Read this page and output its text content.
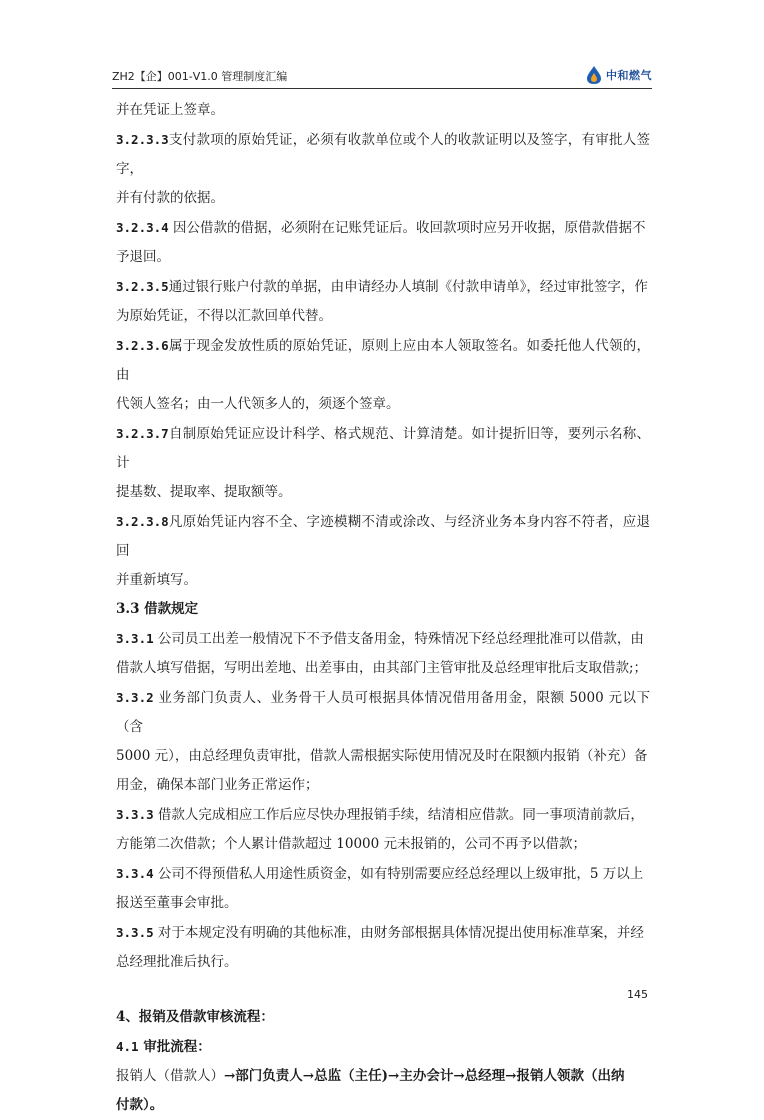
ZH2【企】001-V1.0 管理制度汇编	中和燃气

并在凭证上签章。

3.2.3.3支付款项的原始凭证，必须有收款单位或个人的收款证明以及签字，有审批人签字，

并有付款的依据。

3.2.3.4 因公借款的借据，必须附在记账凭证后。收回款项时应另开收据，原借款借据不

予退回。

3.2.3.5通过银行账户付款的单据，由申请经办人填制《付款申请单》，经过审批签字，作

为原始凭证，不得以汇款回单代替。

3.2.3.6属于现金发放性质的原始凭证，原则上应由本人领取签名。如委托他人代领的，由

代领人签名；由一人代领多人的，须逐个签章。

3.2.3.7自制原始凭证应设计科学、格式规范、计算清楚。如计提折旧等，要列示名称、计

提基数、提取率、提取额等。

3.2.3.8凡原始凭证内容不全、字迹模糊不清或涂改、与经济业务本身内容不符者，应退回

并重新填写。

3.3 借款规定

3.3.1 公司员工出差一般情况下不予借支备用金，特殊情况下经总经理批准可以借款，由

借款人填写借据，写明出差地、出差事由，由其部门主管审批及总经理审批后支取借款;；

3.3.2 业务部门负责人、业务骨干人员可根据具体情况借用备用金，限额 5000 元以下（含

5000 元），由总经理负责审批，借款人需根据实际使用情况及时在限额内报销（补充）备

用金，确保本部门业务正常运作；

3.3.3 借款人完成相应工作后应尽快办理报销手续，结清相应借款。同一事项清前款后，

方能第二次借款；个人累计借款超过 10000 元未报销的，公司不再予以借款；

3.3.4 公司不得预借私人用途性质资金，如有特别需要应经总经理以上级审批，5 万以上

报送至董事会审批。

3.3.5 对于本规定没有明确的其他标准，由财务部根据具体情况提出使用标准草案，并经

总经理批准后执行。

4、报销及借款审核流程：

4.1 审批流程：

报销人（借款人）→部门负责人→总监（主任)→主办会计→总经理→报销人领款（出纳

付款）。

145
